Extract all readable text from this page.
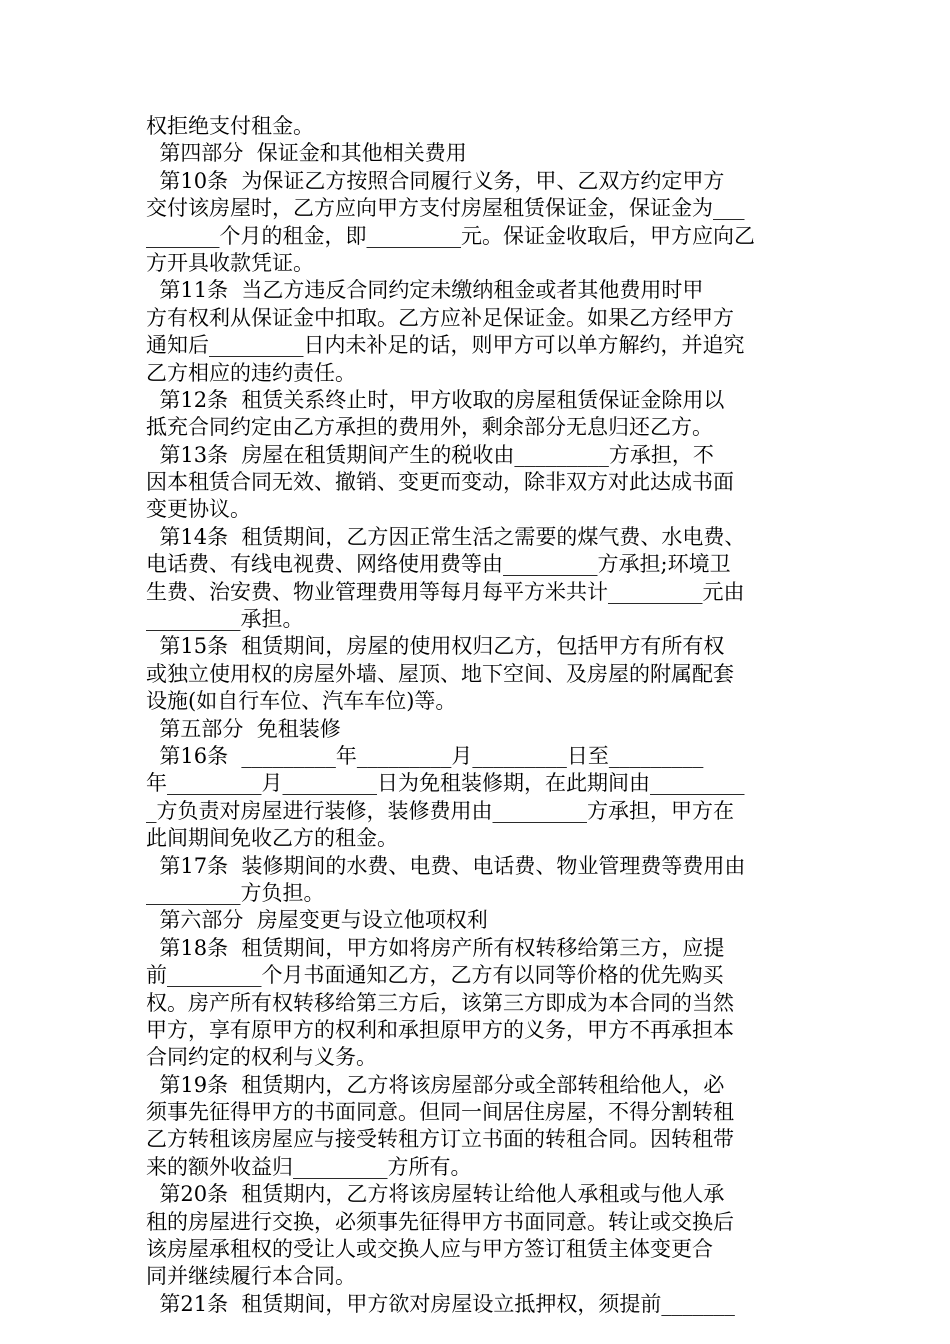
权拒绝支付租金。
第四部分  保证金和其他相关费用
第10条  为保证乙方按照合同履行义务，甲、乙双方约定甲方
交付该房屋时，乙方应向甲方支付房屋租赁保证金，保证金为___
_______个月的租金，即_________元。保证金收取后，甲方应向乙
方开具收款凭证。
第11条  当乙方违反合同约定未缴纳租金或者其他费用时甲
方有权利从保证金中扣取。乙方应补足保证金。如果乙方经甲方
通知后_________日内未补足的话，则甲方可以单方解约，并追究
乙方相应的违约责任。
第12条  租赁关系终止时，甲方收取的房屋租赁保证金除用以
抵充合同约定由乙方承担的费用外，剩余部分无息归还乙方。
第13条  房屋在租赁期间产生的税收由_________方承担，不
因本租赁合同无效、撤销、变更而变动，除非双方对此达成书面
变更协议。
第14条  租赁期间，乙方因正常生活之需要的煤气费、水电费、
电话费、有线电视费、网络使用费等由_________方承担;环境卫
生费、治安费、物业管理费用等每月每平方米共计_________元由
_________承担。
第15条  租赁期间，房屋的使用权归乙方，包括甲方有所有权
或独立使用权的房屋外墙、屋顶、地下空间、及房屋的附属配套
设施(如自行车位、汽车车位)等。
第五部分  免租装修
第16条  _________年_________月_________日至_________
年_________月_________日为免租装修期，在此期间由_________
_方负责对房屋进行装修，装修费用由_________方承担，甲方在
此间期间免收乙方的租金。
第17条  装修期间的水费、电费、电话费、物业管理费等费用由
_________方负担。
第六部分  房屋变更与设立他项权利
第18条  租赁期间，甲方如将房产所有权转移给第三方，应提
前_________个月书面通知乙方，乙方有以同等价格的优先购买
权。房产所有权转移给第三方后，该第三方即成为本合同的当然
甲方，享有原甲方的权利和承担原甲方的义务，甲方不再承担本
合同约定的权利与义务。
第19条  租赁期内，乙方将该房屋部分或全部转租给他人，必
须事先征得甲方的书面同意。但同一间居住房屋，不得分割转租
乙方转租该房屋应与接受转租方订立书面的转租合同。因转租带
来的额外收益归_________方所有。
第20条  租赁期内，乙方将该房屋转让给他人承租或与他人承
租的房屋进行交换，必须事先征得甲方书面同意。转让或交换后
该房屋承租权的受让人或交换人应与甲方签订租赁主体变更合
同并继续履行本合同。
第21条  租赁期间，甲方欲对房屋设立抵押权，须提前_______
